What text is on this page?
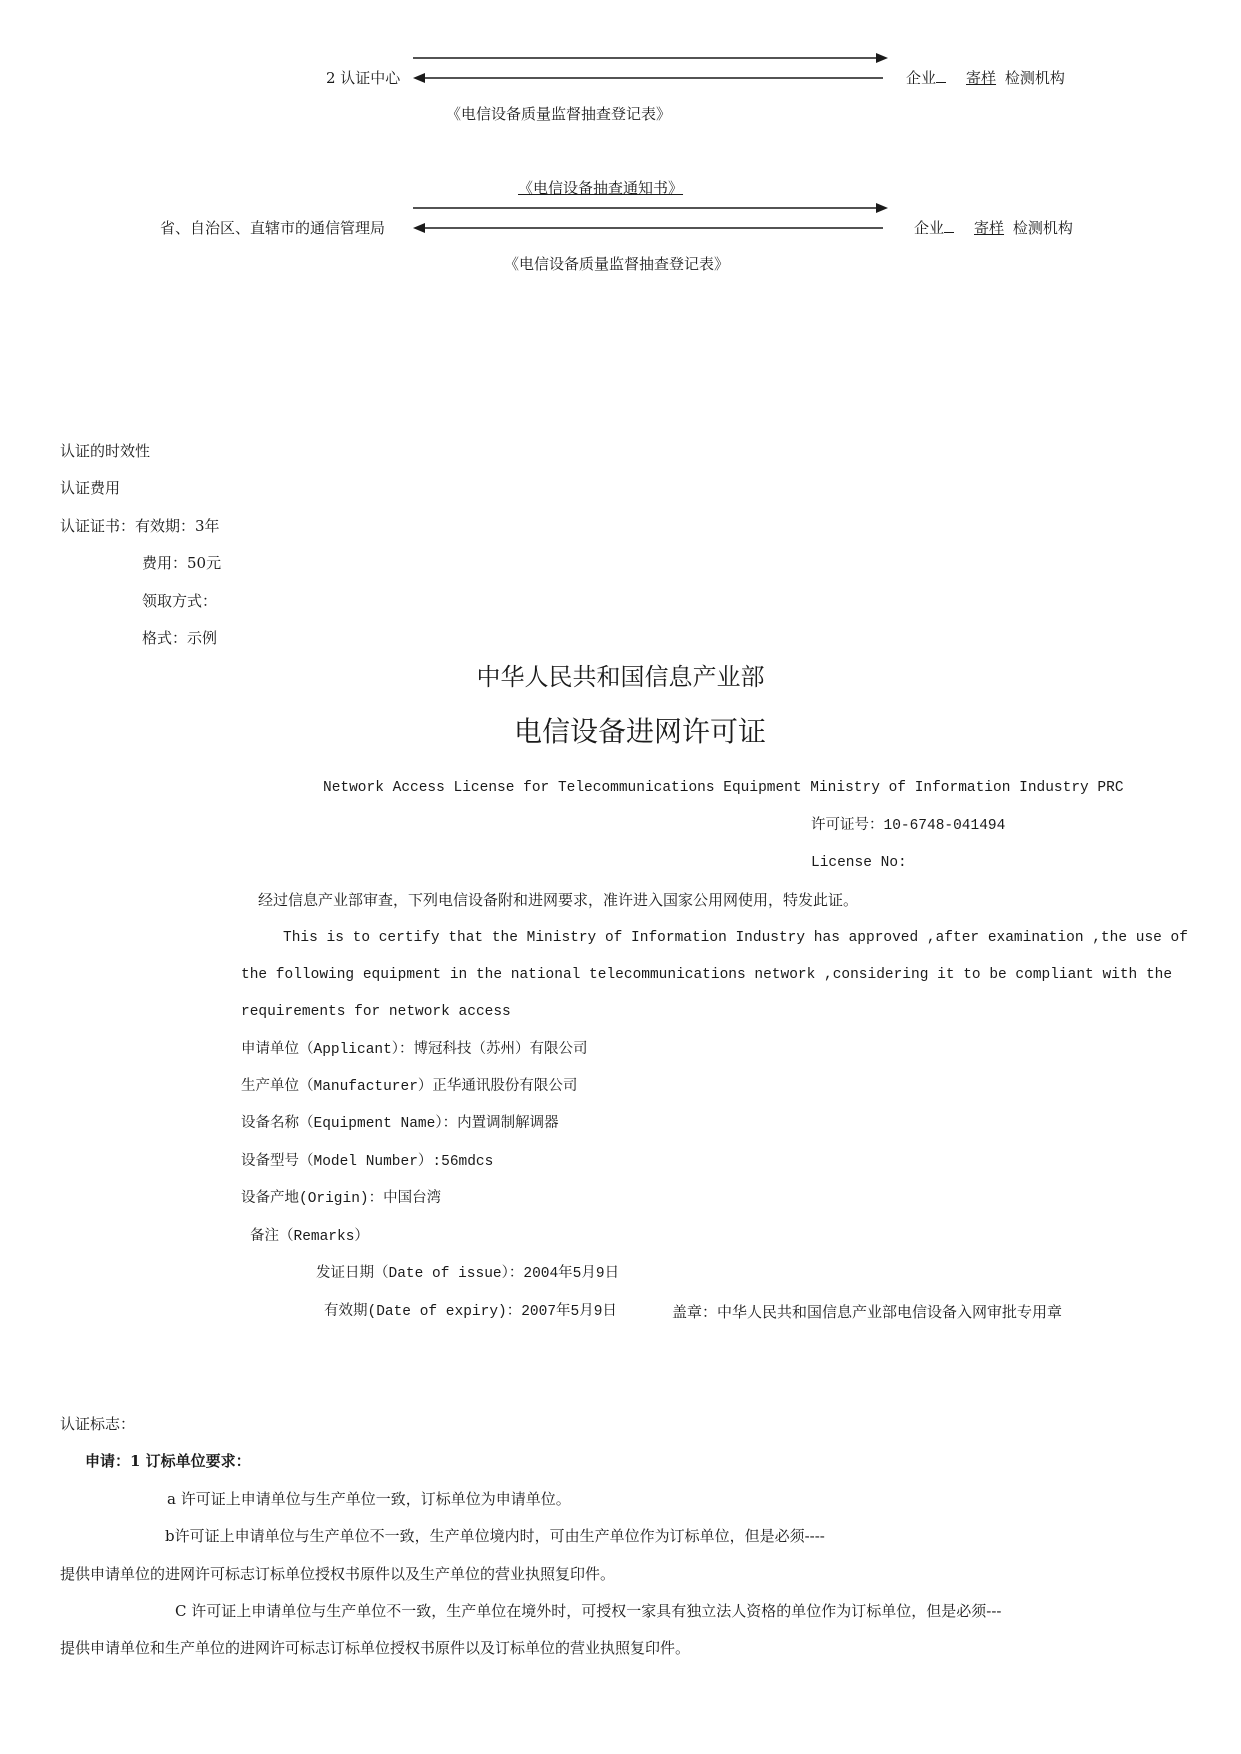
2 认证中心	企业 寄样 检测机构
《电信设备质量监督抽查登记表》
《电信设备抽查通知书》
省、自治区、直辖市的通信管理局	企业 寄样 检测机构
《电信设备质量监督抽查登记表》
认证的时效性
认证费用
认证证书：有效期：3年
费用：50元
领取方式：
格式：示例
中华人民共和国信息产业部
电信设备进网许可证
Network Access License for Telecommunications Equipment Ministry of Information Industry PRC
许可证号：10-6748-041494
License No:
经过信息产业部审查，下列电信设备附和进网要求，准许进入国家公用网使用，特发此证。
This is to certify that the Ministry of Information Industry has approved ,after examination ,the use of
the following equipment in the national telecommunications network ,considering it to be compliant with the
requirements for network access
申请单位（Applicant）：博冠科技（苏州）有限公司
生产单位（Manufacturer）正华通讯股份有限公司
设备名称（Equipment Name）：内置调制解调器
设备型号（Model Number）:56mdcs
设备产地(Origin)：中国台湾
备注（Remarks）
发证日期（Date of issue）：2004年5月9日
有效期(Date of expiry)：2007年5月9日	盖章：中华人民共和国信息产业部电信设备入网审批专用章
认证标志：
申请：1 订标单位要求：
a 许可证上申请单位与生产单位一致，订标单位为申请单位。
b许可证上申请单位与生产单位不一致，生产单位境内时，可由生产单位作为订标单位，但是必须----
提供申请单位的进网许可标志订标单位授权书原件以及生产单位的营业执照复印件。
C 许可证上申请单位与生产单位不一致，生产单位在境外时，可授权一家具有独立法人资格的单位作为订标单位，但是必须---
提供申请单位和生产单位的进网许可标志订标单位授权书原件以及订标单位的营业执照复印件。
